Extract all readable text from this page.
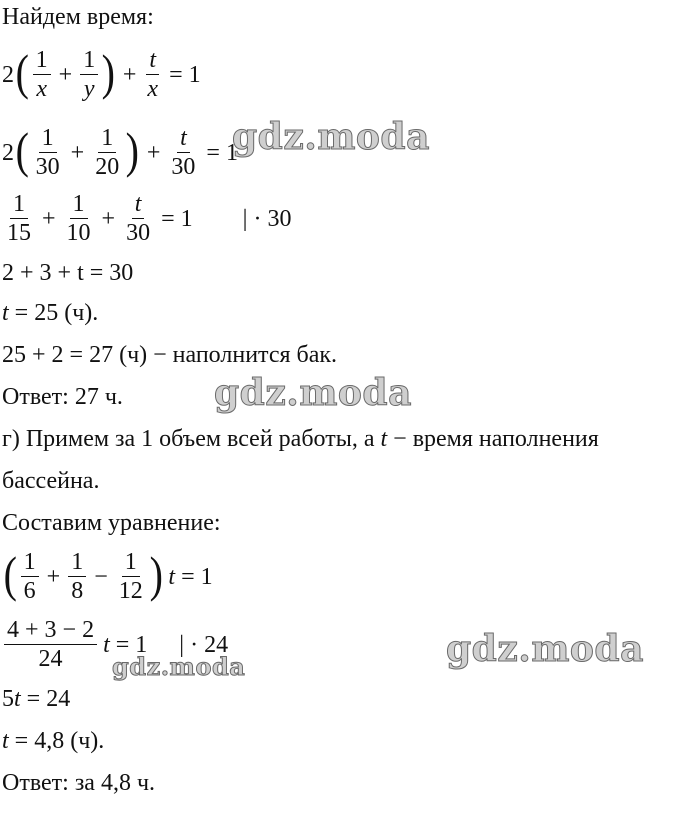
Найдем время:
2 ( $\frac{1}{x} + \frac{1}{y}$ ) + $\frac{t}{x} = 1$
2 ( $\frac{1}{30} + \frac{1}{20}$ ) + $\frac{t}{30} = 1$
$\frac{1}{15} + \frac{1}{10} + \frac{t}{30} = 1$ | · 30
2 + 3 + t = 30
t = 25 (ч).
25 + 2 = 27 (ч) − наполнится бак.
Ответ: 27 ч.
г) Примем за 1 объем всей работы, а t − время наполнения
бассейна.
Составим уравнение:
( $\frac{1}{6} + \frac{1}{8} - \frac{1}{12}$ ) t = 1
$\frac{4 + 3 - 2}{24}$ t = 1 | · 24
5t = 24
t = 4,8 (ч).
Ответ: за 4,8 ч.
gdz.moda
gdz.moda
gdz.moda
gdz.moda
